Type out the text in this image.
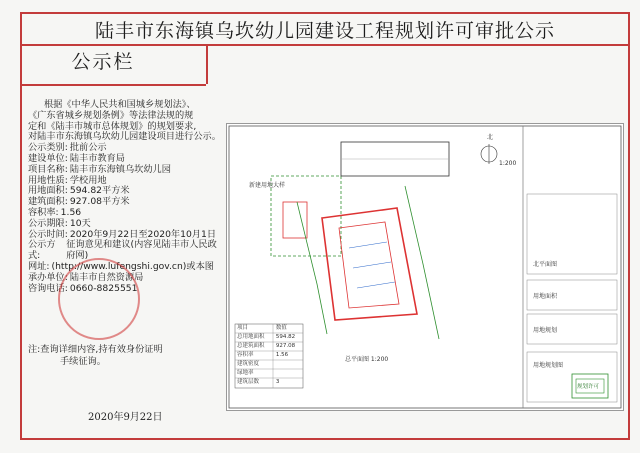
陆丰市东海镇乌坎幼儿园建设工程规划许可审批公示
公示栏

根据《中华人民共和国城乡规划法》、

《广东省城乡规划条例》等法律法规的规

定和《陆丰市城市总体规划》的规划要求,

对陆丰市东海镇乌坎幼儿园建设项目进行公示。

公示类别: 批前公示
建设单位: 陆丰市教育局
项目名称: 陆丰市东海镇乌坎幼儿园
用地性质: 学校用地
用地面积: 594.82平方米
建筑面积: 927.08平方米
容积率: 1.56
公示期限: 10天
公示时间: 2020年9月22日至2020年10月1日
公示方式:
征询意见和建议(内容见陆丰市人民政府网)
网址: (http://www.lufengshi.gov.cn)或本图
承办单位: 陆丰市自然资源局
咨询电话: 0660-8825551
注:查询详细内容,持有效身份证明
手续征询。
2020年9月22日
新建用地大样
总平面图 1:200
北
1:200
北平面图
用地面积
用地规划
用地规划图
规划许可
项目	数值
总用地面积	594.82
总建筑面积	927.08
容积率	1.56
建筑密度
绿地率
建筑层数	3
